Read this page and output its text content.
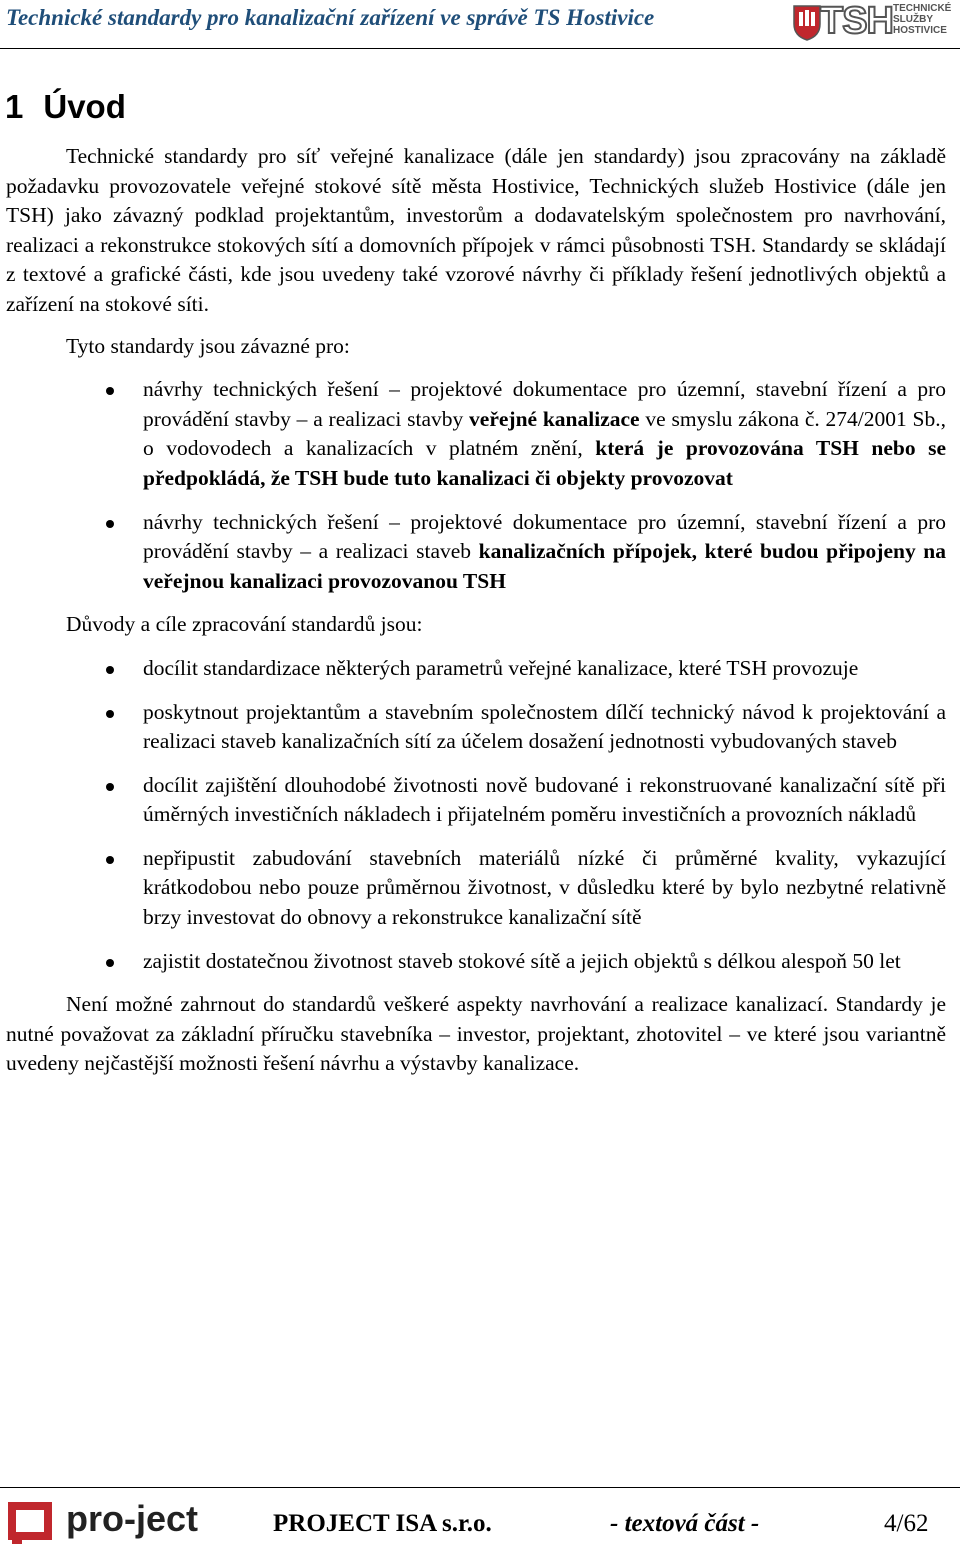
Technické standardy pro kanalizační zařízení ve správě TS Hostivice	TSH TECHNICKÉ
SLUŽBY
HOSTIVICE
1 Úvod

Technické standardy pro síť veřejné kanalizace (dále jen standardy) jsou zpracovány na základě požadavku provozovatele veřejné stokové sítě města Hostivice, Technických služeb Hostivice (dále jen TSH) jako závazný podklad projektantům, investorům a dodavatelským společnostem pro navrhování, realizaci a rekonstrukce stokových sítí a domovních přípojek v rámci působnosti TSH. Standardy se skládají z textové a grafické části, kde jsou uvedeny také vzorové návrhy či příklady řešení jednotlivých objektů a zařízení na stokové síti.

Tyto standardy jsou závazné pro:

návrhy technických řešení – projektové dokumentace pro územní, stavební řízení a pro provádění stavby – a realizaci stavby veřejné kanalizace ve smyslu zákona č. 274/2001 Sb., o vodovodech a kanalizacích v platném znění, která je provozována TSH nebo se předpokládá, že TSH bude tuto kanalizaci či objekty provozovat
návrhy technických řešení – projektové dokumentace pro územní, stavební řízení a pro provádění stavby – a realizaci staveb kanalizačních přípojek, které budou připojeny na veřejnou kanalizaci provozovanou TSH

Důvody a cíle zpracování standardů jsou:

docílit standardizace některých parametrů veřejné kanalizace, které TSH provozuje
poskytnout projektantům a stavebním společnostem dílčí technický návod k projektování a realizaci staveb kanalizačních sítí za účelem dosažení jednotnosti vybudovaných staveb
docílit zajištění dlouhodobé životnosti nově budované i rekonstruované kanalizační sítě při úměrných investičních nákladech i přijatelném poměru investičních a provozních nákladů
nepřipustit zabudování stavebních materiálů nízké či průměrné kvality, vykazující krátkodobou nebo pouze průměrnou životnost, v důsledku které by bylo nezbytné relativně brzy investovat do obnovy a rekonstrukce kanalizační sítě
zajistit dostatečnou životnost staveb stokové sítě a jejich objektů s délkou alespoň 50 let

Není možné zahrnout do standardů veškeré aspekty navrhování a realizace kanalizací. Standardy je nutné považovat za základní příručku stavebníka – investor, projektant, zhotovitel – ve které jsou variantně uvedeny nejčastější možnosti řešení návrhu a výstavby kanalizace.

pro-ject	PROJECT ISA s.r.o.	- textová část -	4/62
